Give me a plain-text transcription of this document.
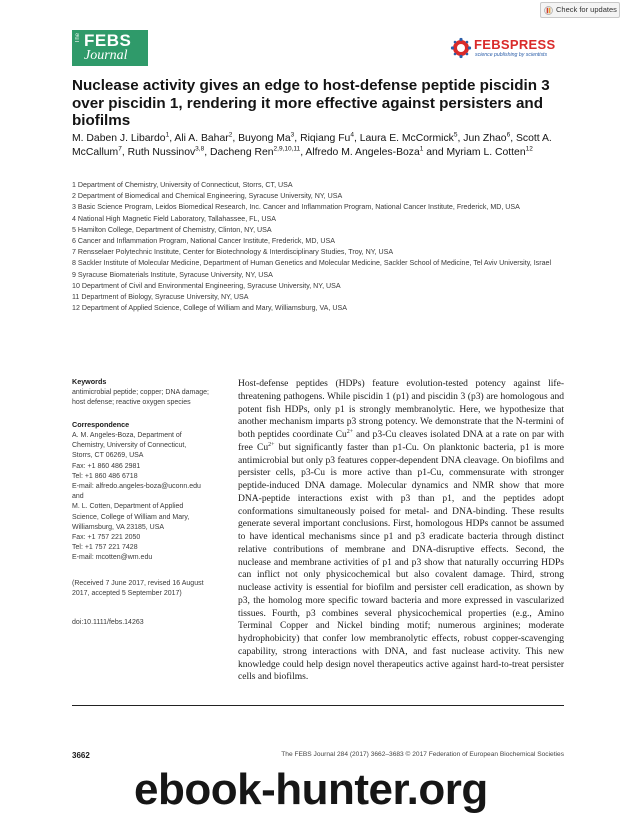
Check for updates
The FEBS
Journal
FEBSPRESS
science publishing by scientists
Nuclease activity gives an edge to host-defense peptide piscidin 3 over piscidin 1, rendering it more effective against persisters and biofilms
M. Daben J. Libardo$^1$, Ali A. Bahar$^2$, Buyong Ma$^3$, Riqiang Fu$^4$, Laura E. McCormick$^5$, Jun Zhao$^6$, Scott A. McCallum$^7$, Ruth Nussinov$^{3,8}$, Dacheng Ren$^{2,9,10,11}$, Alfredo M. Angeles-Boza$^1$ and Myriam L. Cotten$^{12}$
1 Department of Chemistry, University of Connecticut, Storrs, CT, USA
2 Department of Biomedical and Chemical Engineering, Syracuse University, NY, USA
3 Basic Science Program, Leidos Biomedical Research, Inc. Cancer and Inflammation Program, National Cancer Institute, Frederick, MD, USA
4 National High Magnetic Field Laboratory, Tallahassee, FL, USA
5 Hamilton College, Department of Chemistry, Clinton, NY, USA
6 Cancer and Inflammation Program, National Cancer Institute, Frederick, MD, USA
7 Rensselaer Polytechnic Institute, Center for Biotechnology & Interdisciplinary Studies, Troy, NY, USA
8 Sackler Institute of Molecular Medicine, Department of Human Genetics and Molecular Medicine, Sackler School of Medicine, Tel Aviv University, Israel
9 Syracuse Biomaterials Institute, Syracuse University, NY, USA
10 Department of Civil and Environmental Engineering, Syracuse University, NY, USA
11 Department of Biology, Syracuse University, NY, USA
12 Department of Applied Science, College of William and Mary, Williamsburg, VA, USA
Keywords
antimicrobial peptide; copper; DNA damage; host defense; reactive oxygen species
Correspondence
A. M. Angeles-Boza, Department of
Chemistry, University of Connecticut,
Storrs, CT 06269, USA
Fax: +1 860 486 2981
Tel: +1 860 486 6718
E-mail: alfredo.angeles-boza@uconn.edu
and
M. L. Cotten, Department of Applied
Science, College of William and Mary,
Williamsburg, VA 23185, USA
Fax: +1 757 221 2050
Tel: +1 757 221 7428
E-mail: mcotten@wm.edu
(Received 7 June 2017, revised 16 August 2017, accepted 5 September 2017)
doi:10.1111/febs.14263
Host-defense peptides (HDPs) feature evolution-tested potency against life-threatening pathogens. While piscidin 1 (p1) and piscidin 3 (p3) are homologous and potent fish HDPs, only p1 is strongly membranolytic. Here, we hypothesize that another mechanism imparts p3 strong potency. We demonstrate that the N-termini of both peptides coordinate $Cu^{2+}$ and p3-Cu cleaves isolated DNA at a rate on par with free $Cu^{2+}$ but significantly faster than p1-Cu. On planktonic bacteria, p1 is more antimicrobial but only p3 features copper-dependent DNA cleavage. On biofilms and persister cells, p3-Cu is more active than p1-Cu, commensurate with stronger peptide-induced DNA damage. Molecular dynamics and NMR show that more DNA-peptide interactions exist with p3 than p1, and the peptides adopt conformations simultaneously poised for metal- and DNA-binding. These results generate several important conclusions. First, homologous HDPs cannot be assumed to have identical mechanisms since p1 and p3 eradicate bacteria through distinct relative contributions of membrane and DNA-disruptive effects. Second, the nuclease and membrane activities of p1 and p3 show that naturally occurring HDPs can inflict not only physicochemical but also covalent damage. Third, strong nuclease activity is essential for biofilm and persister cell eradication, as shown by p3, the homolog more specific toward bacteria and more expressed in vascularized tissues. Fourth, p3 combines several physicochemical properties (e.g., Amino Terminal Copper and Nickel binding motif; numerous arginines; moderate hydrophobicity) that confer low membranolytic effects, robust copper-scavenging capability, strong interactions with DNA, and fast nuclease activity. This new knowledge could help design novel therapeutics active against hard-to-treat persister cells and biofilms.
3662	The FEBS Journal 284 (2017) 3662–3683 © 2017 Federation of European Biochemical Societies
ebook-hunter.org
